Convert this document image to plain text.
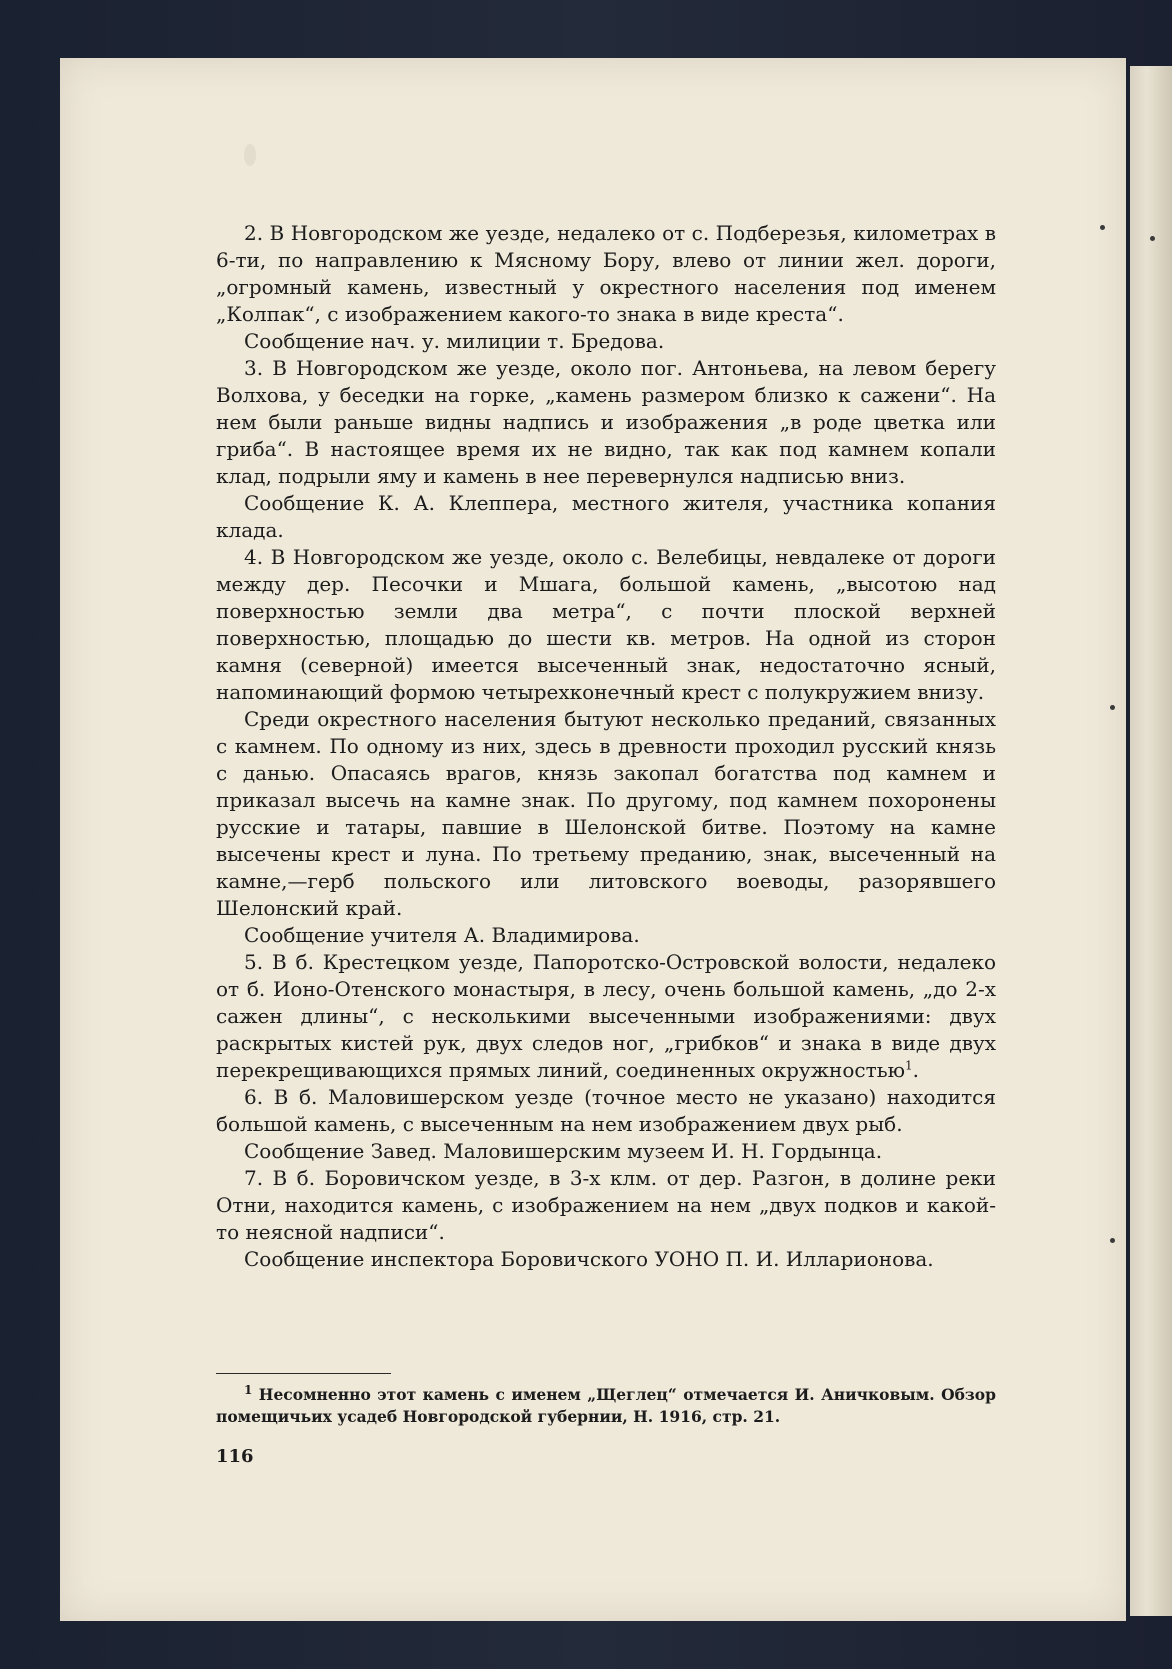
2. В Новгородском же уезде, недалеко от с. Подберезья, километрах в 6-ти, по направлению к Мясному Бору, влево от линии жел. дороги, „огромный камень, известный у окрестного населения под именем „Колпак“, с изображением какого-то знака в виде креста“.

Сообщение нач. у. милиции т. Бредова.

3. В Новгородском же уезде, около пог. Антоньева, на левом берегу Волхова, у беседки на горке, „камень размером близко к сажени“. На нем были раньше видны надпись и изображения „в роде цветка или гриба“. В настоящее время их не видно, так как под камнем копали клад, подрыли яму и камень в нее перевернулся надписью вниз.

Сообщение К. А. Клеппера, местного жителя, участника копания клада.

4. В Новгородском же уезде, около с. Велебицы, невдалеке от дороги между дер. Песочки и Мшага, большой камень, „высотою над поверхностью земли два метра“, с почти плоской верхней поверхностью, площадью до шести кв. метров. На одной из сторон камня (северной) имеется высеченный знак, недостаточно ясный, напоминающий формою четырехконечный крест с полукружием внизу.

Среди окрестного населения бытуют несколько преданий, связанных с камнем. По одному из них, здесь в древности проходил русский князь с данью. Опасаясь врагов, князь закопал богатства под камнем и приказал высечь на камне знак. По другому, под камнем похоронены русские и татары, павшие в Шелонской битве. Поэтому на камне высечены крест и луна. По третьему преданию, знак, высеченный на камне,—герб польского или литовского воеводы, разорявшего Шелонский край.

Сообщение учителя А. Владимирова.

5. В б. Крестецком уезде, Папоротско-Островской волости, недалеко от б. Ионо-Отенского монастыря, в лесу, очень большой камень, „до 2-х сажен длины“, с несколькими высеченными изображениями: двух раскрытых кистей рук, двух следов ног, „грибков“ и знака в виде двух перекрещивающихся прямых линий, соединенных окружностью$^1$.

6. В б. Маловишерском уезде (точное место не указано) находится большой камень, с высеченным на нем изображением двух рыб.

Сообщение Завед. Маловишерским музеем И. Н. Гордынца.

7. В б. Боровичском уезде, в 3-х клм. от дер. Разгон, в долине реки Отни, находится камень, с изображением на нем „двух подков и какой-то неясной надписи“.

Сообщение инспектора Боровичского УОНО П. И. Илларионова.

$^1$ Несомненно этот камень с именем „Щеглец“ отмечается И. Аничковым. Обзор помещичьих усадеб Новгородской губернии, Н. 1916, стр. 21.

116
